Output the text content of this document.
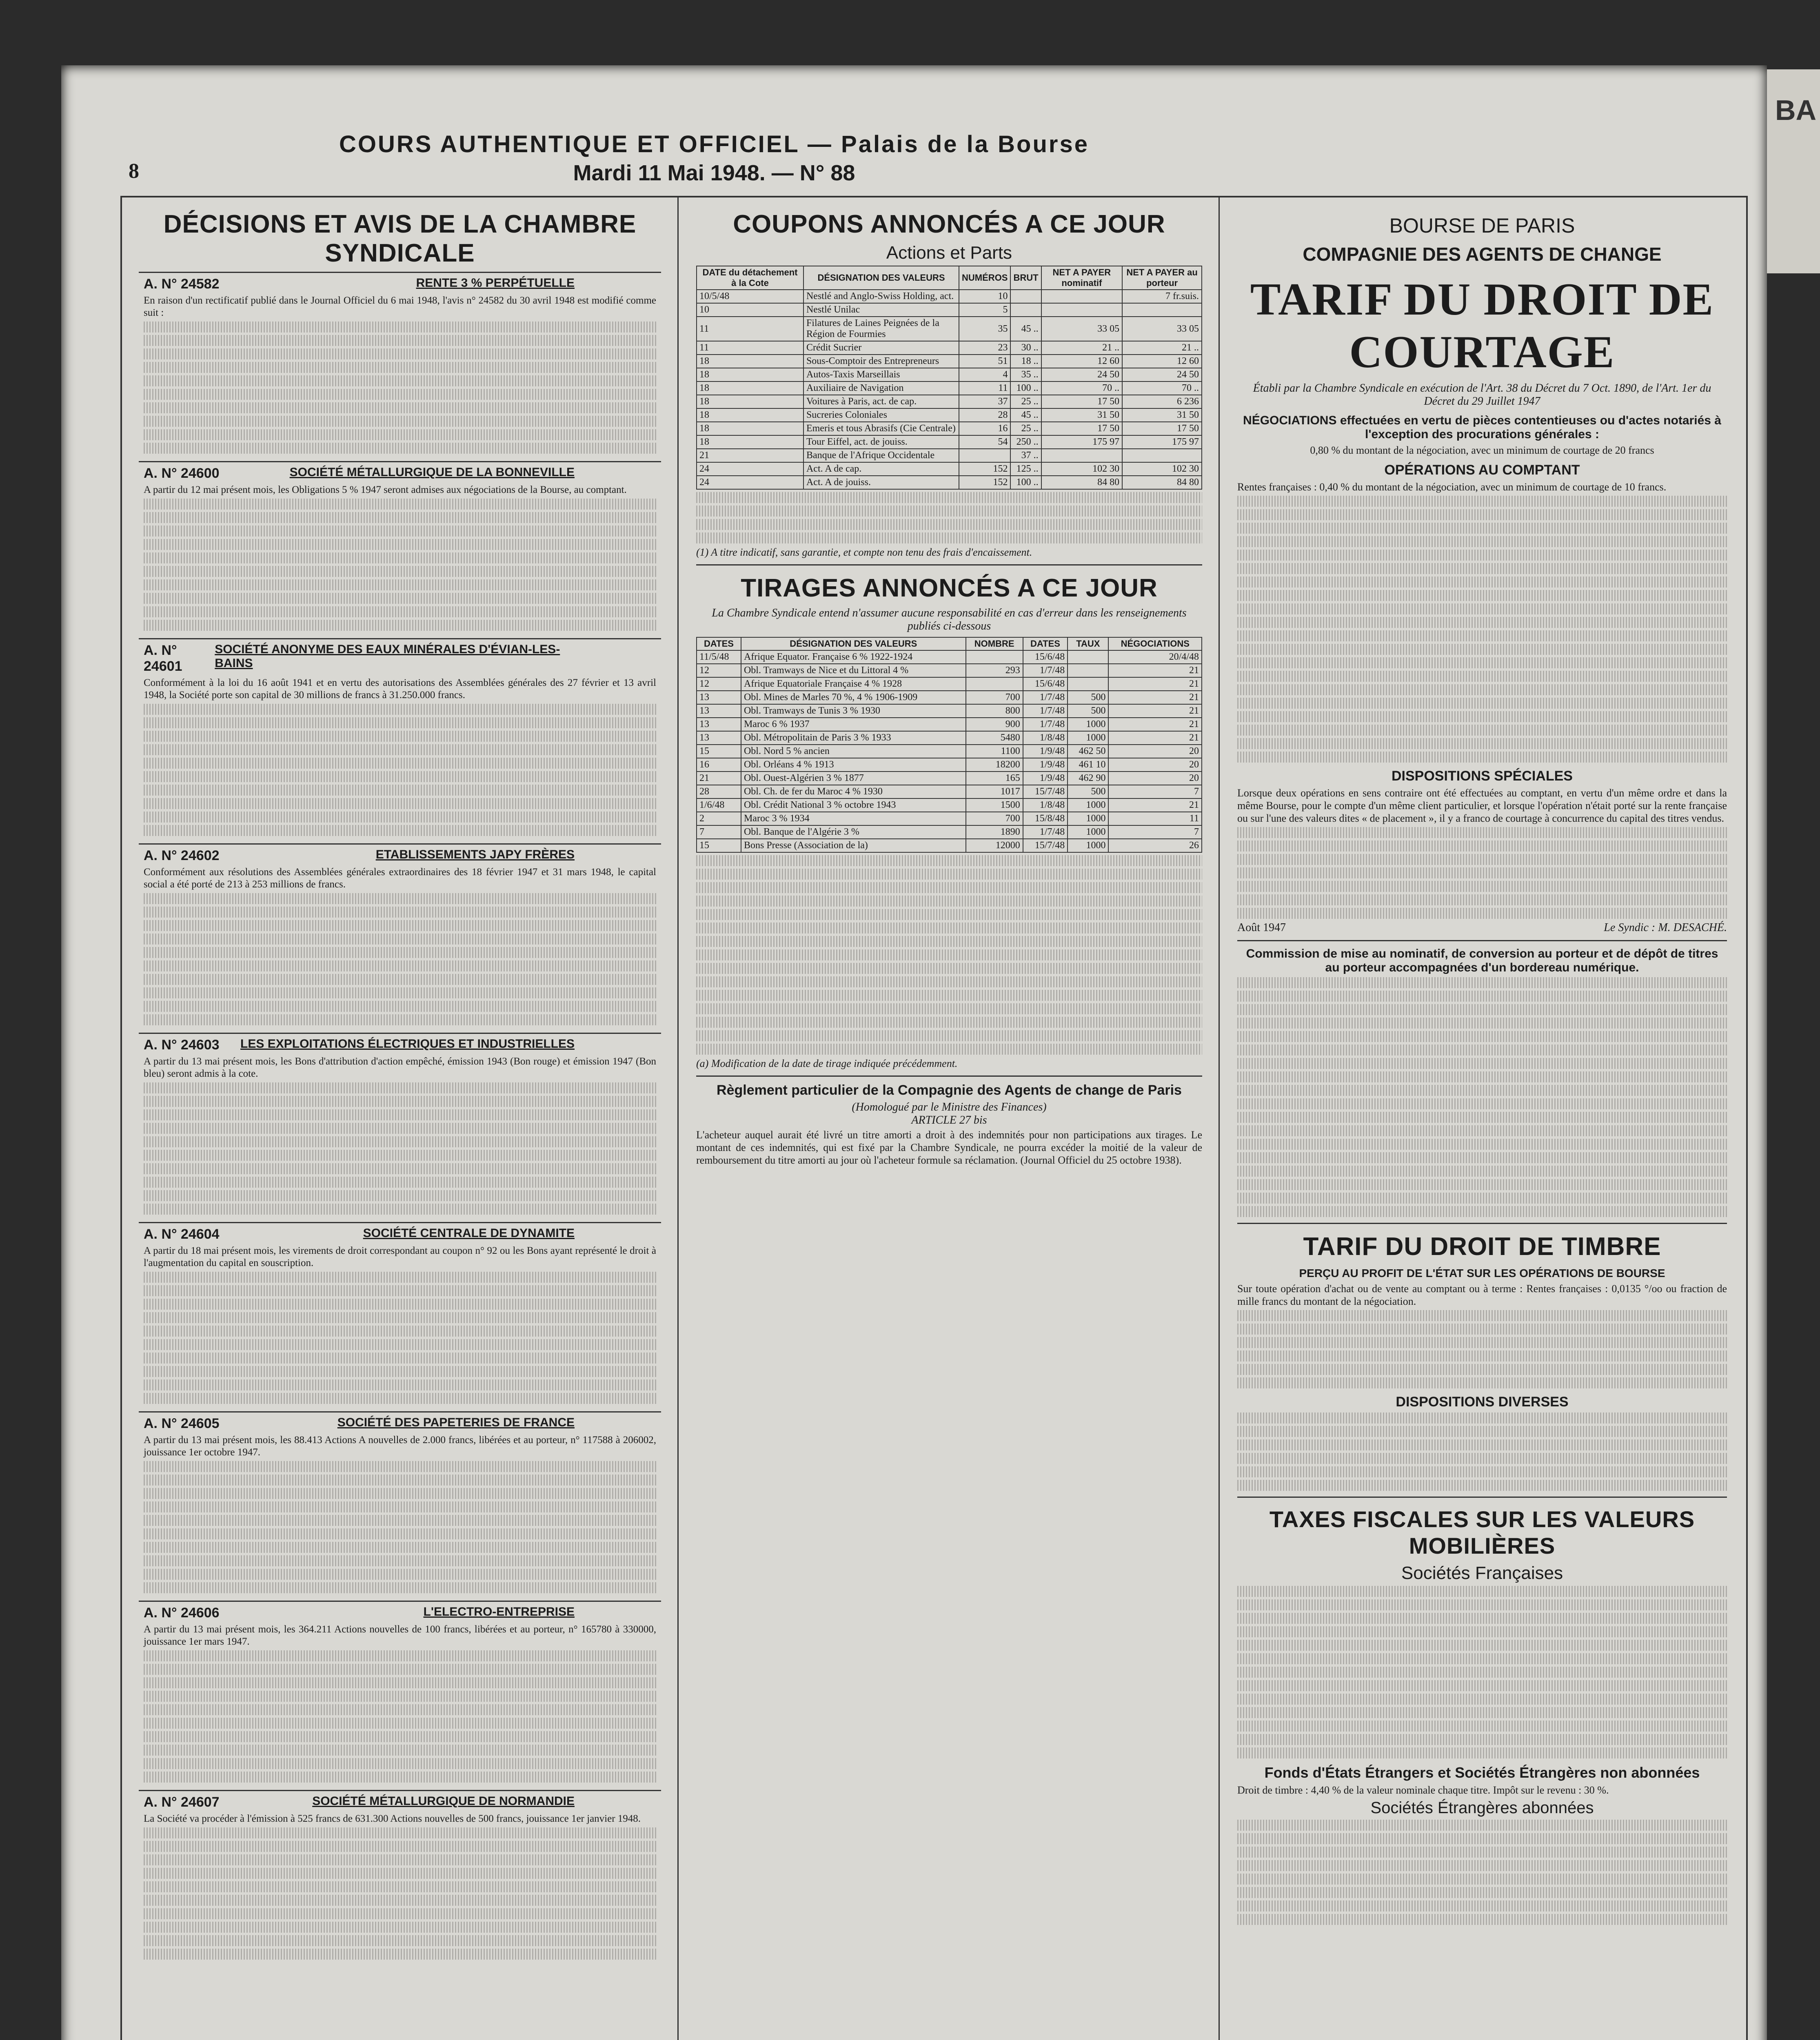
BA
8
COURS AUTHENTIQUE ET OFFICIEL — Palais de la Bourse
Mardi 11 Mai 1948. — N° 88
DÉCISIONS ET AVIS DE LA CHAMBRE SYNDICALE
A. N° 24582	RENTE 3 % PERPÉTUELLE
En raison d'un rectificatif publié dans le Journal Officiel du 6 mai 1948, l'avis n° 24582 du 30 avril 1948 est modifié comme suit :
A. N° 24600	SOCIÉTÉ MÉTALLURGIQUE DE LA BONNEVILLE
A partir du 12 mai présent mois, les Obligations 5 % 1947 seront admises aux négociations de la Bourse, au comptant.
A. N° 24601
SOCIÉTÉ ANONYME DES EAUX MINÉRALES D'ÉVIAN-LES-BAINS
Conformément à la loi du 16 août 1941 et en vertu des autorisations des Assemblées générales des 27 février et 13 avril 1948, la Société porte son capital de 30 millions de francs à 31.250.000 francs.
A. N° 24602	ETABLISSEMENTS JAPY FRÈRES
Conformément aux résolutions des Assemblées générales extraordinaires des 18 février 1947 et 31 mars 1948, le capital social a été porté de 213 à 253 millions de francs.
A. N° 24603 LES EXPLOITATIONS ÉLECTRIQUES ET INDUSTRIELLES
A partir du 13 mai présent mois, les Bons d'attribution d'action empêché, émission 1943 (Bon rouge) et émission 1947 (Bon bleu) seront admis à la cote.
A. N° 24604	SOCIÉTÉ CENTRALE DE DYNAMITE
A partir du 18 mai présent mois, les virements de droit correspondant au coupon n° 92 ou les Bons ayant représenté le droit à l'augmentation du capital en souscription.
A. N° 24605	SOCIÉTÉ DES PAPETERIES DE FRANCE
A partir du 13 mai présent mois, les 88.413 Actions A nouvelles de 2.000 francs, libérées et au porteur, n° 117588 à 206002, jouissance 1er octobre 1947.
A. N° 24606	L'ELECTRO-ENTREPRISE
A partir du 13 mai présent mois, les 364.211 Actions nouvelles de 100 francs, libérées et au porteur, n° 165780 à 330000, jouissance 1er mars 1947.
A. N° 24607	SOCIÉTÉ MÉTALLURGIQUE DE NORMANDIE
La Société va procéder à l'émission à 525 francs de 631.300 Actions nouvelles de 500 francs, jouissance 1er janvier 1948.
COUPONS ANNONCÉS A CE JOUR
Actions et Parts
DATE du détachement à la Cote	DÉSIGNATION DES VALEURS	NUMÉROS	BRUT	NET A PAYER nominatif	NET A PAYER au porteur
10/5/48	Nestlé and Anglo-Swiss Holding, act.	10			7 fr.suis.
10	Nestlé Unilac	5			
11	Filatures de Laines Peignées de la Région de Fourmies	35	45 ..	33 05	33 05
11	Crédit Sucrier	23	30 ..	21 ..	21 ..
18	Sous-Comptoir des Entrepreneurs	51	18 ..	12 60	12 60
18	Autos-Taxis Marseillais	4	35 ..	24 50	24 50
18	Auxiliaire de Navigation	11	100 ..	70 ..	70 ..
18	Voitures à Paris, act. de cap.	37	25 ..	17 50	6 236
18	Sucreries Coloniales	28	45 ..	31 50	31 50
18	Emeris et tous Abrasifs (Cie Centrale)	16	25 ..	17 50	17 50
18	Tour Eiffel, act. de jouiss.	54	250 ..	175 97	175 97
21	Banque de l'Afrique Occidentale		37 ..		
24	Act. A de cap.	152	125 ..	102 30	102 30
24	Act. A de jouiss.	152	100 ..	84 80	84 80
(1) A titre indicatif, sans garantie, et compte non tenu des frais d'encaissement.
TIRAGES ANNONCÉS A CE JOUR
La Chambre Syndicale entend n'assumer aucune responsabilité en cas d'erreur dans les renseignements publiés ci-dessous
DATES	DÉSIGNATION DES VALEURS	NOMBRE	DATES	TAUX	NÉGOCIATIONS
11/5/48	Afrique Equator. Française 6 % 1922-1924		15/6/48		20/4/48
12	Obl. Tramways de Nice et du Littoral 4 %	293	1/7/48		21
12	Afrique Equatoriale Française 4 % 1928		15/6/48		21
13	Obl. Mines de Marles 70 %, 4 % 1906-1909	700	1/7/48	500	21
13	Obl. Tramways de Tunis 3 % 1930	800	1/7/48	500	21
13	Maroc 6 % 1937	900	1/7/48	1000	21
13	Obl. Métropolitain de Paris 3 % 1933	5480	1/8/48	1000	21
15	Obl. Nord 5 % ancien	1100	1/9/48	462 50	20
16	Obl. Orléans 4 % 1913	18200	1/9/48	461 10	20
21	Obl. Ouest-Algérien 3 % 1877	165	1/9/48	462 90	20
28	Obl. Ch. de fer du Maroc 4 % 1930	1017	15/7/48	500	7
1/6/48	Obl. Crédit National 3 % octobre 1943	1500	1/8/48	1000	21
2	Maroc 3 % 1934	700	15/8/48	1000	11
7	Obl. Banque de l'Algérie 3 %	1890	1/7/48	1000	7
15	Bons Presse (Association de la)	12000	15/7/48	1000	26
(a) Modification de la date de tirage indiquée précédemment.
Règlement particulier de la Compagnie des Agents de change de Paris
(Homologué par le Ministre des Finances)
ARTICLE 27 bis
L'acheteur auquel aurait été livré un titre amorti a droit à des indemnités pour non participations aux tirages. Le montant de ces indemnités, qui est fixé par la Chambre Syndicale, ne pourra excéder la moitié de la valeur de remboursement du titre amorti au jour où l'acheteur formule sa réclamation. (Journal Officiel du 25 octobre 1938).
BOURSE DE PARIS
COMPAGNIE DES AGENTS DE CHANGE
TARIF DU DROIT DE COURTAGE
Établi par la Chambre Syndicale en exécution de l'Art. 38 du Décret du 7 Oct. 1890, de l'Art. 1er du Décret du 29 Juillet 1947
NÉGOCIATIONS effectuées en vertu de pièces contentieuses ou d'actes notariés à l'exception des procurations générales :
0,80 % du montant de la négociation, avec un minimum de courtage de 20 francs
OPÉRATIONS AU COMPTANT
Rentes françaises : 0,40 % du montant de la négociation, avec un minimum de courtage de 10 francs.
DISPOSITIONS SPÉCIALES
Lorsque deux opérations en sens contraire ont été effectuées au comptant, en vertu d'un même ordre et dans la même Bourse, pour le compte d'un même client particulier, et lorsque l'opération n'était porté sur la rente française ou sur l'une des valeurs dites « de placement », il y a franco de courtage à concurrence du capital des titres vendus.
Août 1947	Le Syndic : M. DESACHÉ.
Commission de mise au nominatif, de conversion au porteur et de dépôt de titres au porteur accompagnées d'un bordereau numérique.
TARIF DU DROIT DE TIMBRE
PERÇU AU PROFIT DE L'ÉTAT SUR LES OPÉRATIONS DE BOURSE
Sur toute opération d'achat ou de vente au comptant ou à terme : Rentes françaises : 0,0135 °/oo ou fraction de mille francs du montant de la négociation.
DISPOSITIONS DIVERSES
TAXES FISCALES SUR LES VALEURS MOBILIÈRES
Sociétés Françaises
Fonds d'États Étrangers et Sociétés Étrangères non abonnées
Droit de timbre : 4,40 % de la valeur nominale chaque titre. Impôt sur le revenu : 30 %.
Sociétés Étrangères abonnées
